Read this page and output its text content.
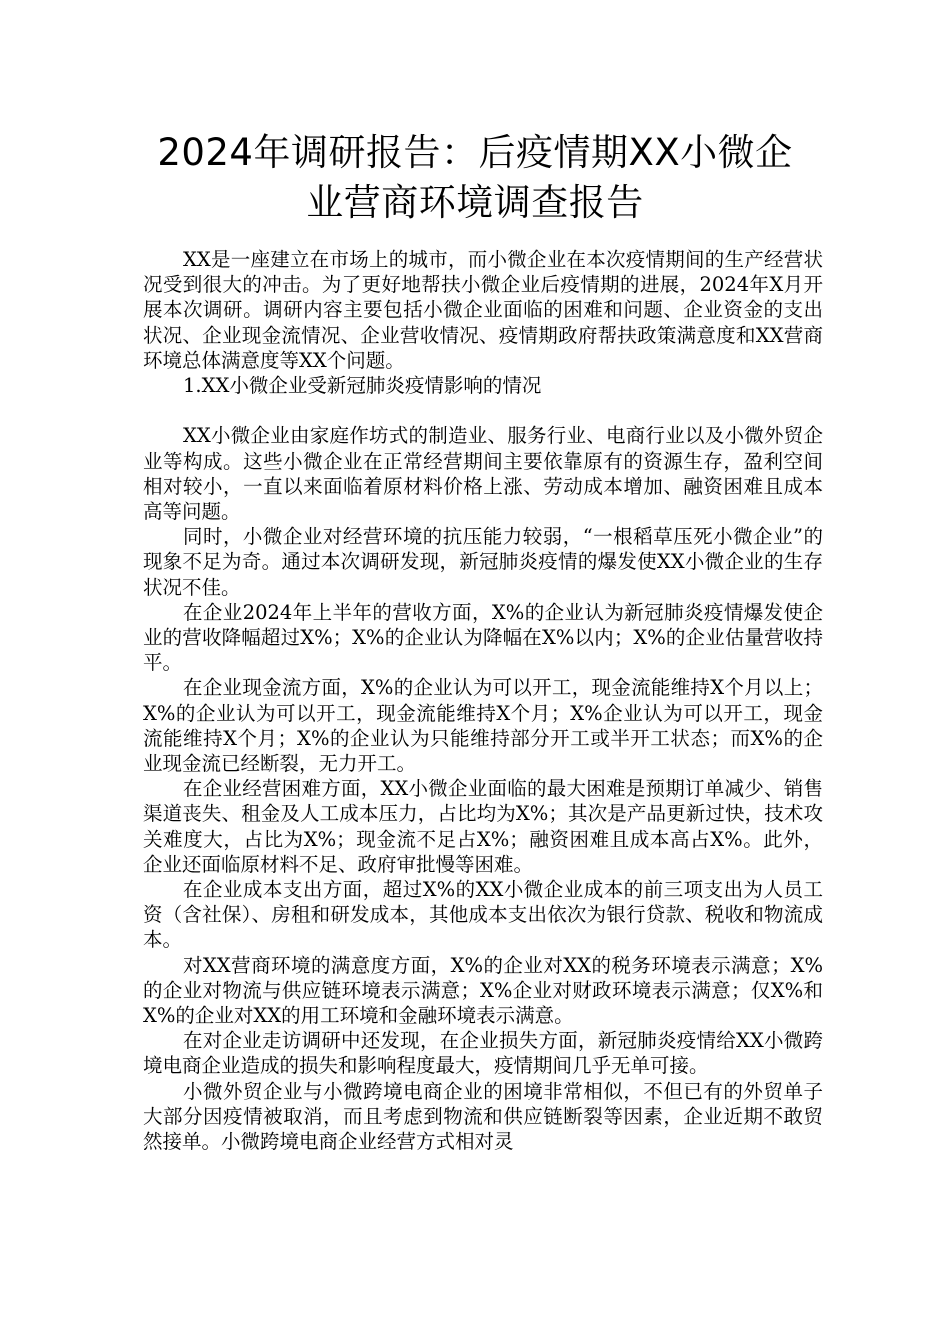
2024年调研报告：后疫情期XX小微企
业营商环境调查报告

XX是一座建立在市场上的城市，而小微企业在本次疫情期间的生产经营状况受到很大的冲击。为了更好地帮扶小微企业后疫情期的进展，2024年X月开展本次调研。调研内容主要包括小微企业面临的困难和问题、企业资金的支出状况、企业现金流情况、企业营收情况、疫情期政府帮扶政策满意度和XX营商环境总体满意度等XX个问题。

1.XX小微企业受新冠肺炎疫情影响的情况

XX小微企业由家庭作坊式的制造业、服务行业、电商行业以及小微外贸企业等构成。这些小微企业在正常经营期间主要依靠原有的资源生存，盈利空间相对较小，一直以来面临着原材料价格上涨、劳动成本增加、融资困难且成本高等问题。

同时，小微企业对经营环境的抗压能力较弱，“一根稻草压死小微企业”的现象不足为奇。通过本次调研发现，新冠肺炎疫情的爆发使XX小微企业的生存状况不佳。

在企业2024年上半年的营收方面，X%的企业认为新冠肺炎疫情爆发使企业的营收降幅超过X%；X%的企业认为降幅在X%以内；X%的企业估量营收持平。

在企业现金流方面，X%的企业认为可以开工，现金流能维持X个月以上；X%的企业认为可以开工，现金流能维持X个月；X%企业认为可以开工，现金流能维持X个月；X%的企业认为只能维持部分开工或半开工状态；而X%的企业现金流已经断裂，无力开工。

在企业经营困难方面，XX小微企业面临的最大困难是预期订单减少、销售渠道丧失、租金及人工成本压力，占比均为X%；其次是产品更新过快，技术攻关难度大，占比为X%；现金流不足占X%；融资困难且成本高占X%。此外，企业还面临原材料不足、政府审批慢等困难。

在企业成本支出方面，超过X%的XX小微企业成本的前三项支出为人员工资（含社保）、房租和研发成本，其他成本支出依次为银行贷款、税收和物流成本。

对XX营商环境的满意度方面，X%的企业对XX的税务环境表示满意；X%的企业对物流与供应链环境表示满意；X%企业对财政环境表示满意；仅X%和X%的企业对XX的用工环境和金融环境表示满意。

在对企业走访调研中还发现，在企业损失方面，新冠肺炎疫情给XX小微跨境电商企业造成的损失和影响程度最大，疫情期间几乎无单可接。

小微外贸企业与小微跨境电商企业的困境非常相似，不但已有的外贸单子大部分因疫情被取消，而且考虑到物流和供应链断裂等因素，企业近期不敢贸然接单。小微跨境电商企业经营方式相对灵
